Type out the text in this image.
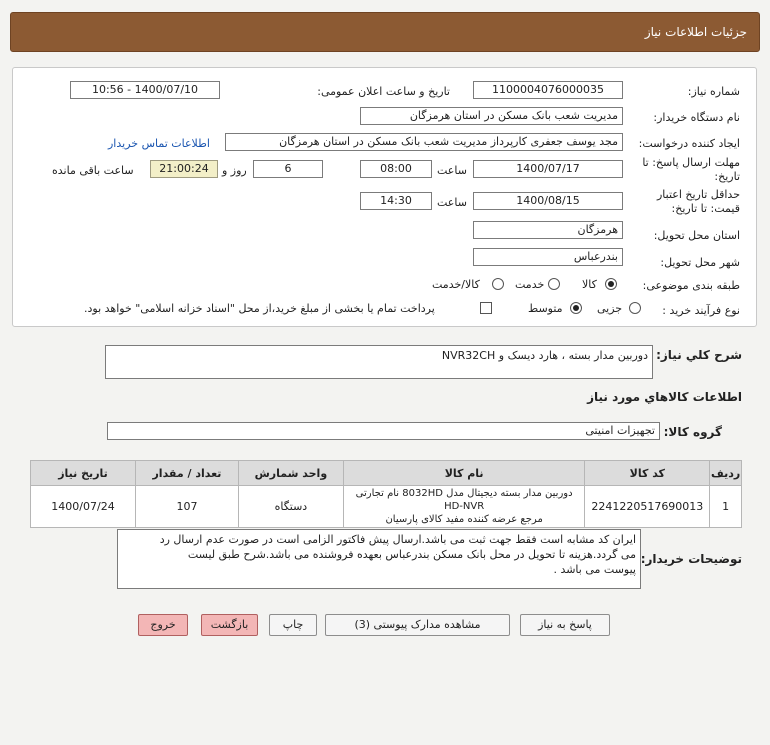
جزئیات اطلاعات نیاز
شماره نیاز:
1100004076000035
تاریخ و ساعت اعلان عمومی:
1400/07/10 - 10:56
نام دستگاه خریدار:
مدیریت شعب بانک مسکن در استان هرمزگان
ایجاد کننده درخواست:
مجد یوسف جعفری کارپرداز مدیریت شعب بانک مسکن در استان هرمزگان
اطلاعات تماس خریدار
مهلت ارسال پاسخ: تا
تاریخ:
1400/07/17
ساعت
08:00
6
روز و
21:00:24
ساعت باقی مانده
حداقل تاریخ اعتبار
قیمت: تا تاریخ:
1400/08/15
ساعت
14:30
استان محل تحویل:
هرمزگان
شهر محل تحویل:
بندرعباس
طبقه بندی موضوعی:
کالا
خدمت
کالا/خدمت
نوع فرآیند خرید :
جزیی
متوسط
پرداخت تمام یا بخشی از مبلغ خرید،از محل "اسناد خزانه اسلامی" خواهد بود.
شرح کلي نیاز:
دوربین مدار بسته ، هارد دیسک و NVR32CH
اطلاعات کالاهاي مورد نیاز
گروه کالا:
تجهیزات امنیتی
ردیف	کد کالا	نام کالا	واحد شمارش	تعداد / مقدار	تاریخ نیاز
1	2241220517690013	دوربین مدار بسته دیجیتال مدل 8032HD نام تجارتی HD-NVR
مرجع عرضه کننده مفید کالای پارسیان	دستگاه	107	1400/07/24
توضیحات خریدار:
ایران کد مشابه است فقط جهت ثبت می باشد.ارسال پیش فاکتور الزامی است در صورت عدم ارسال رد
می گردد.هزینه تا تحویل در محل بانک مسکن بندرعباس بعهده فروشنده می باشد.شرح طبق لیست
پیوست می باشد .
پاسخ به نیاز
مشاهده مدارک پیوستی (3)
چاپ
بازگشت
خروج
